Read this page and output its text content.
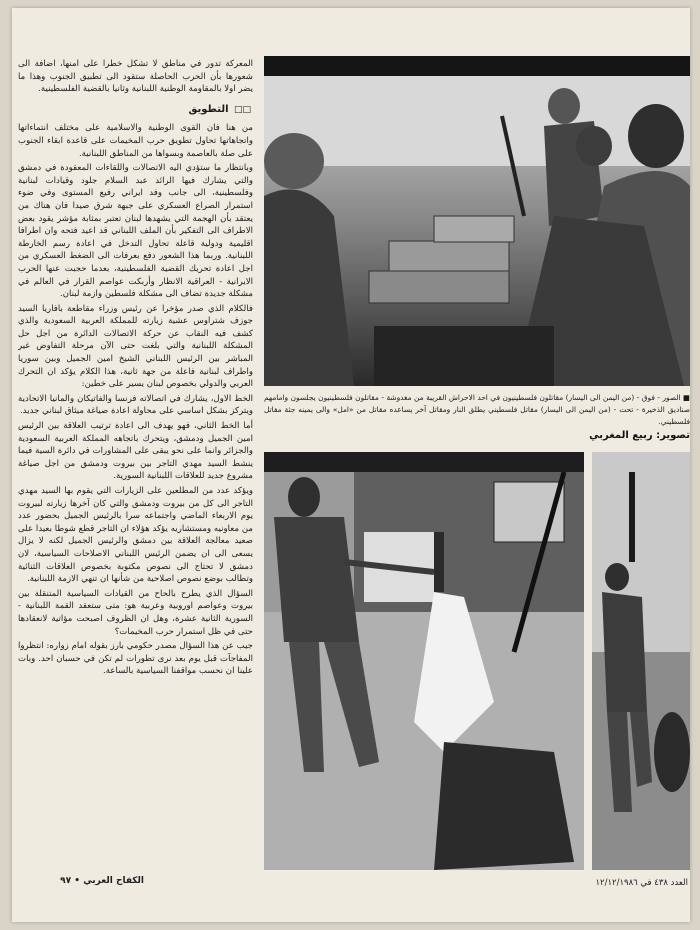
المعركة تدور في مناطق لا تشكل خطرا على امنها، اضافة الى شعورها بأن الحرب الحاصلة ستقود الى تطبيق الجنوب وهذا ما يضر اولا بالمقاومة الوطنية اللبنانية وثانيا بالقضية الفلسطينية.

□□ التطويق

من هنا فان القوى الوطنية والاسلامية على مختلف انتماءاتها واتجاهاتها تحاول تطويق حرب المخيمات على قاعدة ابقاء الجنوب على صلة بالعاصمة وبسواها من المناطق اللبنانية.

وبانتظار ما ستؤدي اليه الاتصالات واللقاءات المعقودة في دمشق والتي يشارك فيها الرائد عبد السلام جلود وقيادات لبنانية وفلسطينية، الى جانب وفد ايراني رفيع المستوى وفي ضوء استمرار الصراع العسكري على جبهة شرق صيدا فان هناك من يعتقد بأن الهجمة التي يشهدها لبنان تعتبر بمثابة مؤشر يقود بعض الاطراف الى التفكير بأن الملف اللبناني قد اعيد فتحه وان اطرافا اقليمية ودولية قاعلة تحاول التدخل في اعادة رسم الخارطة اللبنانية. وربما هذا الشعور دفع بعرفات الى الضغط العسكري من اجل اعادة تحريك القضية الفلسطينية، بعدما حجبت عنها الحرب الايرانية - العراقية الانظار وأربكت عواصم القرار في العالم في مشكلة جديدة تضاف الى مشكلة فلسطين وازمة لبنان.

فالكلام الذي صدر مؤخرا عن رئيس وزراء مقاطعة بافاريا السيد جوزف شتراوس عشية زيارته للمملكة العربية السعودية والذي كشف فيه النقاب عن حركة الاتصالات الدائرة من اجل حل المشكلة اللبنانية والتي بلغت حتى الآن مرحلة التفاوض غير المباشر بين الرئيس اللبناني الشيخ امين الجميل وبين سوريا واطراف لبنانية فاعلة من جهة ثانية، هذا الكلام يؤكد ان التحرك العربي والدولي بخصوص لبنان يسير على خطين:

الخط الاول، يشارك في اتصالاته فرنسا والفاتيكان والمانيا الاتحادية ويتركز بشكل اساسي على محاولة اعادة صياغة ميثاق لبناني جديد.

أما الخط الثاني، فهو يهدف الى اعادة ترتيب العلاقة بين الرئيس امين الجميل ودمشق، ويتحرك باتجاهه المملكة العربية السعودية والجزائر وانما على نحو يبقى على المشاورات في دائرة السية فيما ينشط السيد مهدي التاجر بين بيروت ودمشق من اجل صياغة مشروع جديد للعلاقات اللبنانية السورية.

ويؤكد عدد من المطلعين على الزيارات التي يقوم بها السيد مهدي التاجر الى كل من بيروت ودمشق والتي كان آخرها زيارته لبيروت يوم الاربعاء الماضي واجتماعه سرا بالرئيس الجميل بحضور عدد من معاونيه ومستشاريه يؤكد هؤلاء ان التاجر قطع شوطا بعيدا على صعيد معالجة العلاقة بين دمشق والرئيس الجميل لكنه لا يزال يسعى الى ان يضمن الرئيس اللبناني الاصلاحات السياسية، لان دمشق لا تحتاج الى نصوص مكتوبة بخصوص العلاقات الثنائية وتطالب بوضع نصوص اصلاحية من شأنها ان تنهي الازمة اللبنانية.

السؤال الذي يطرح بالحاح من القيادات السياسية المتنقلة بين بيروت وعواصم اوروبية وعربية هو: متى ستعقد القمة اللبنانية - السورية الثانية عشرة، وهل ان الظروف اصبحت مؤاتية لانعقادها حتى في ظل استمرار حرب المخيمات؟

جيب عن هذا السؤال مصدر حكومي بارز بقوله امام زواره: انتظروا المفاجآت قبل يوم بعد نرى تطورات لم تكن في حسبان احد. وبات علينا ان نحسب مواقفنا السياسية بالساعة.

■ الصور - فوق - (من اليمن الى اليسار) مقاتلون فلسطينيون في احد الاحراش القريبة من مغدوشة - مقاتلون فلسطينيون يجلسون وامامهم صناديق الذخيرة - تحت - (من اليمن الى اليسار) مقاتل فلسطيني يطلق النار ومقاتل آخر يساعده مقاتل من «امل» والى يمينه جثة مقاتل فلسطيني.
تصوير: ربيع المغربي
العدد ٤٣٨ في ١٢/١٢/١٩٨٦
الكفاح العربي • ٩٧
